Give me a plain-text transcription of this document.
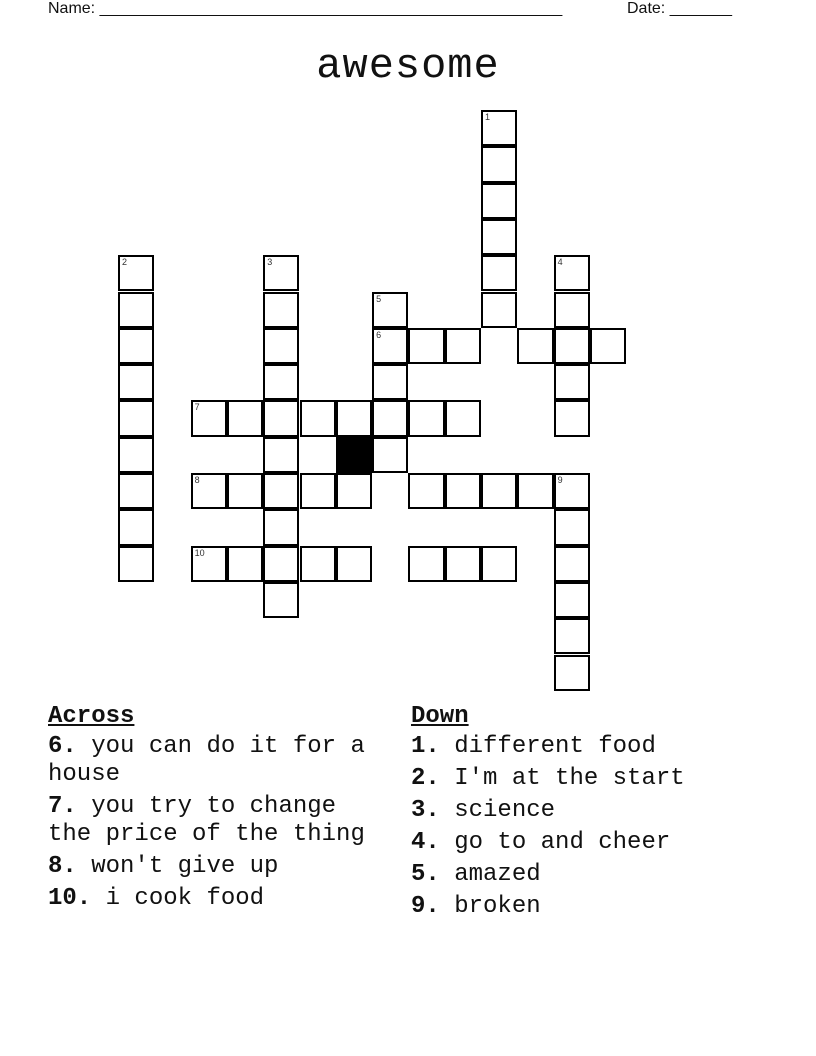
Name: ____________________________________________________	Date: _______
awesome
1
2	3	4
5
6
7
8	9
10
Across
6. you can do it for a house
7. you try to change the price of the thing
8. won't give up
10. i cook food
Down
1. different food
2. I'm at the start
3. science
4. go to and cheer
5. amazed
9. broken
